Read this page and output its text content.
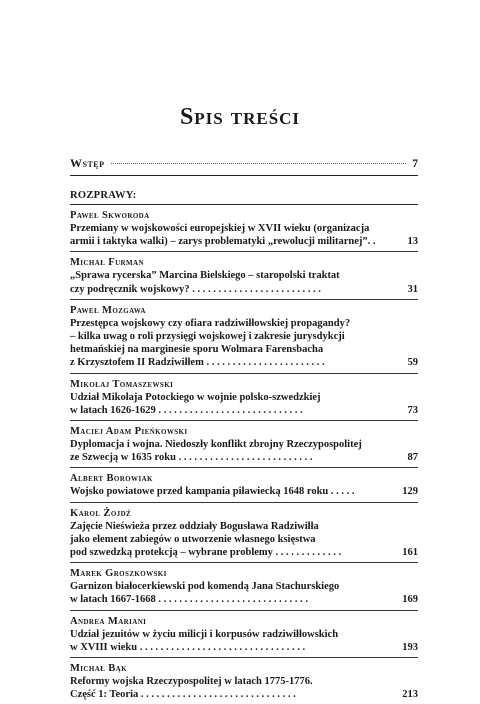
Spis treści
Wstęp	7
ROZPRAWY:
Paweł Skworoda
Przemiany w wojskowości europejskiej w XVII wieku (organizacja
armii i taktyka walki) – zarys problematyki „rewolucji militarnej”. .	13
Michał Furman
„Sprawa rycerska” Marcina Bielskiego – staropolski traktat
czy podręcznik wojskowy? . . . . . . . . . . . . . . . . . . . . . . . . .	31
Paweł Mozgawa
Przestępca wojskowy czy ofiara radziwiłłowskiej propagandy?
– kilka uwag o roli przysięgi wojskowej i zakresie jurysdykcji
hetmańskiej na marginesie sporu Wolmara Farensbacha
z Krzysztofem II Radziwiłłem . . . . . . . . . . . . . . . . . . . . . . .	59
Mikołaj Tomaszewski
Udział Mikołaja Potockiego w wojnie polsko-szwedzkiej
w latach 1626-1629 . . . . . . . . . . . . . . . . . . . . . . . . . . . .	73
Maciej Adam Pieńkowski
Dyplomacja i wojna. Niedoszły konflikt zbrojny Rzeczypospolitej
ze Szwecją w 1635 roku . . . . . . . . . . . . . . . . . . . . . . . . . .	87
Albert Borowiak
Wojsko powiatowe przed kampania piławiecką 1648 roku . . . . .	129
Karol Żojdź
Zajęcie Nieświeża przez oddziały Bogusława Radziwiłła
jako element zabiegów o utworzenie własnego księstwa
pod szwedzką protekcją – wybrane problemy . . . . . . . . . . . . .	161
Marek Groszkowski
Garnizon białocerkiewski pod komendą Jana Stachurskiego
w latach 1667-1668 . . . . . . . . . . . . . . . . . . . . . . . . . . . . .	169
Andrea Mariani
Udział jezuitów w życiu milicji i korpusów radziwiłłowskich
w XVIII wieku . . . . . . . . . . . . . . . . . . . . . . . . . . . . . . . .	193
Michał Bąk
Reformy wojska Rzeczypospolitej w latach 1775-1776.
Część 1: Teoria . . . . . . . . . . . . . . . . . . . . . . . . . . . . . .	213
